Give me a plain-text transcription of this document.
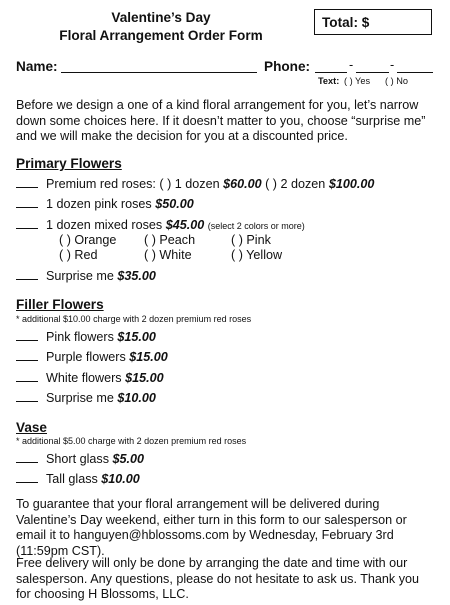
Valentine’s Day
Floral Arrangement Order Form
Total: $
Name:	Phone:	-	-
Text: ( ) Yes ( ) No
Before we design a one of a kind floral arrangement for you, let’s narrow down some choices here. If it doesn’t matter to you, choose “surprise me” and we will make the decision for you at a discounted price.
Primary Flowers
Premium red roses: ( ) 1 dozen $60.00 ( ) 2 dozen $100.00
1 dozen pink roses $50.00
1 dozen mixed roses $45.00 (select 2 colors or more)
( ) Orange ( ) Peach	( ) Pink
( ) Red	( ) White	( ) Yellow
Surprise me $35.00
Filler Flowers
* additional $10.00 charge with 2 dozen premium red roses
Pink flowers $15.00
Purple flowers $15.00
White flowers $15.00
Surprise me $10.00
Vase
* additional $5.00 charge with 2 dozen premium red roses
Short glass $5.00
Tall glass $10.00
To guarantee that your floral arrangement will be delivered during Valentine’s Day weekend, either turn in this form to our salesperson or email it to hanguyen@hblossoms.com by Wednesday, February 3rd (11:59pm CST).
Free delivery will only be done by arranging the date and time with our salesperson. Any questions, please do not hesitate to ask us. Thank you for choosing H Blossoms, LLC.
